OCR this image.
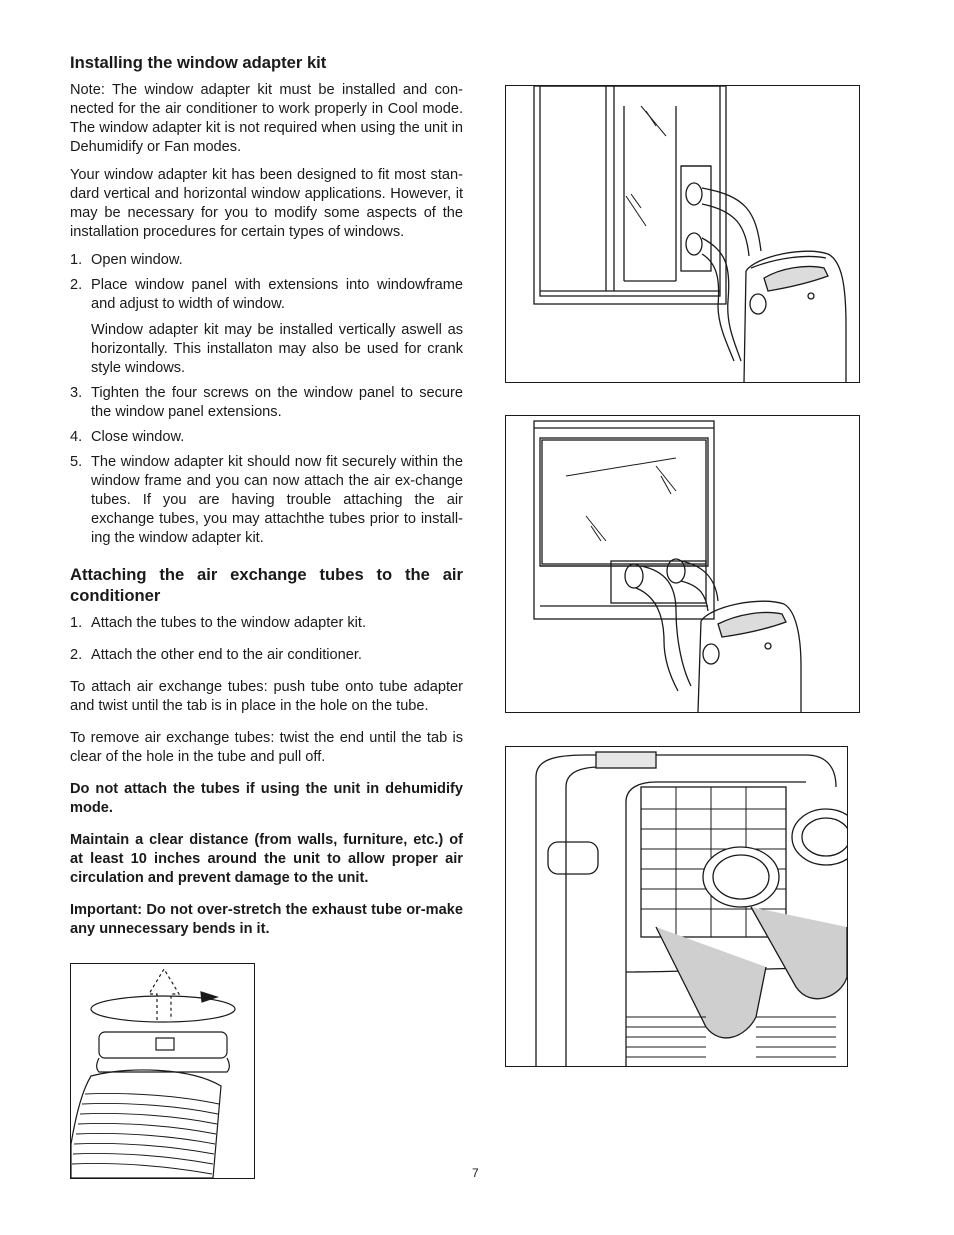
Installing the window adapter kit

Note: The window adapter kit must be installed and con-nected for the air conditioner to work properly in Cool mode. The window adapter kit is not required when using the unit in Dehumidify or Fan modes.

Your window adapter kit has been designed to fit most stan-dard vertical and horizontal window applications. However, it may be necessary for you to modify some aspects of the installation procedures for certain types of windows.

1. Open window.
2. Place window panel with extensions into windowframe and adjust to width of window.
Window adapter kit may be installed vertically aswell as horizontally. This installaton may also be used for crank style windows.
3. Tighten the four screws on the window panel to secure the window panel extensions.
4. Close window.
5. The window adapter kit should now fit securely within the window frame and you can now attach the air ex-change tubes. If you are having trouble attaching the air exchange tubes, you may attachthe tubes prior to install-ing the window adapter kit.
Attaching the air exchange tubes to the air conditioner
1. Attach the tubes to the window adapter kit.
2. Attach the other end to the air conditioner.

To attach air exchange tubes: push tube onto tube adapter and twist until the tab is in place in the hole on the tube.

To remove air exchange tubes: twist the end until the tab is clear of the hole in the tube and pull off.

Do not attach the tubes if using the unit in dehumidify mode.

Maintain a clear distance (from walls, furniture, etc.) of at least 10 inches around the unit to allow proper air circulation and prevent damage to the unit.

Important: Do not over-stretch the exhaust tube or-make any unnecessary bends in it.

7
